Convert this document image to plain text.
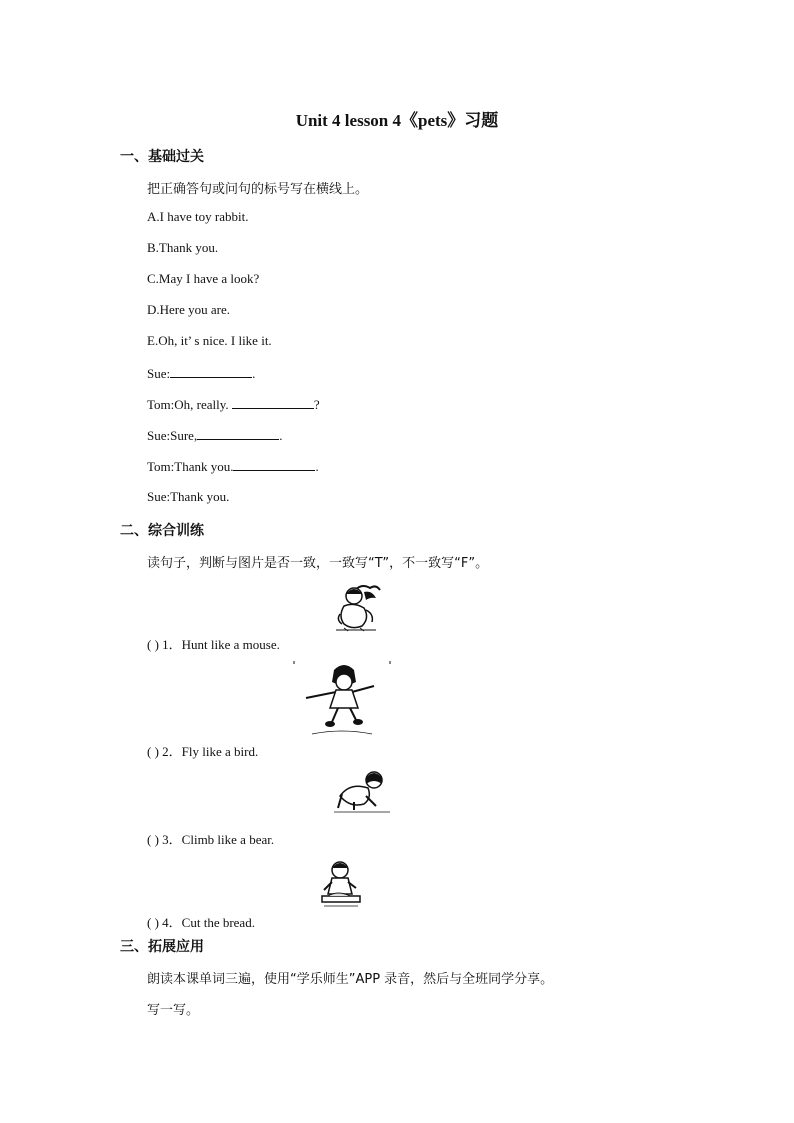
Unit 4 lesson 4《pets》习题
一、基础过关
把正确答句或问句的标号写在横线上。
A.I have toy rabbit.
B.Thank you.
C.May I have a look?
D.Here you are.
E.Oh, it’ s nice. I like it.
Sue:	.
Tom:Oh, really.	?
Sue:Sure,	.
Tom:Thank you.	.
Sue:Thank you.
二、综合训练
读句子，判断与图片是否一致，一致写“T”，不一致写“F”。
( ) 1．Hunt like a mouse.
( ) 2．Fly like a bird.
( ) 3．Climb like a bear.
( ) 4．Cut the bread.
三、拓展应用
朗读本课单词三遍，使用“学乐师生”APP 录音，然后与全班同学分享。
写一写。
